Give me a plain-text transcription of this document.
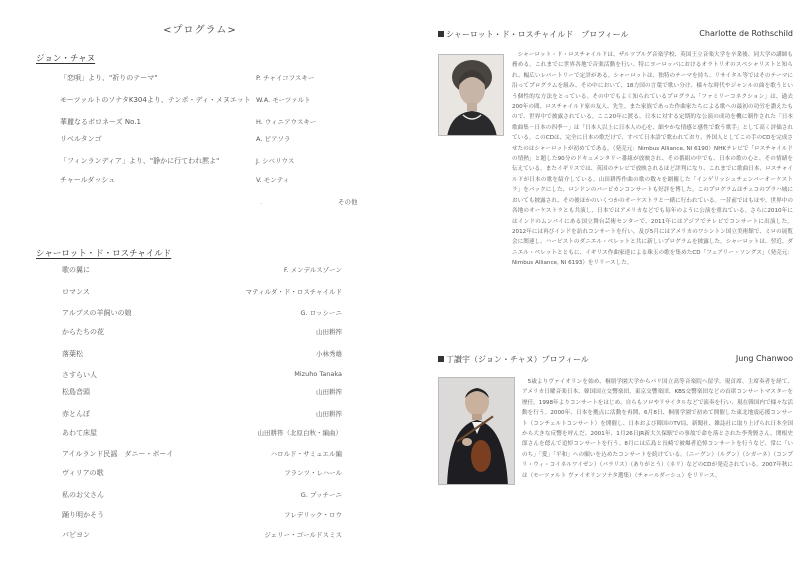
<プログラム>
ジョン・チャヌ
「恋唄」より、"祈りのテーマ"	P. チャイコフスキー
モーツァルトのソナタK304より、テンポ・ディ・メヌエット W.A. モーツァルト
華麗なるポロネーズ No.1	H. ウィニアウスキー
リベルタンゴ	A. ピアソラ
「フィンランディア」より、"静かに行てわれ黙よ"	J. シベリウス
チャールダッシュ	V. モンティ
·	その他
シャーロット・ド・ロスチャイルド
歌の翼に	F. メンデルスゾーン
ロマンス	マティルダ・ド・ロスチャイルド
アルプスの羊飼いの娘	G. ロッシーニ
からたちの花	山田耕筰
落葉松	小林秀雄
さすらい人	Mizuho Tanaka
松島音頭	山田耕筰
赤とんぼ	山田耕筰
あわて床屋	山田耕筰（北原白秋・編曲）
アイルランド民謡　ダニー・ボーイ	ハロルド・サミュエル編
ヴィリアの歌	フランツ・レハール
私のお父さん	G. プッチーニ
踊り明かそう	フレデリック・ロウ
パピヨン	ジェリー・ゴールドスミス
シャーロット・ド・ロスチャイルド　プロフィール	Charlotte de Rothschild

シャーロット・ド・ロスチャイルドは、ザルツブルグ音楽学校、英国王立音楽大学を卒業後、同大学の講師も務める。これまでに世界各地で音楽活動を行い、特にヨーロッパにおけるオラトリオのスペシャリストと知られ、幅広いレパートリーで定評がある。シャーロットは、独特のテーマを持ち、リサイタル等ではそのテーマに沿ってプログラムを組み、その中において、18力国の言葉で歌い分け、様々な時代やジャンルの曲を歌うという個性的な方法をとっている。その中でもよく知られているプログラム「ファミリーコネクション」は、過去200年の間、ロスチャイルド家の友人、先生、また家族であった作曲家たちによる歌への最初の功労を讃えたもので、世界中で披露されている。ここ20年に渡る、日本に対する定期的な公演の成功を機に制作された「日本歌曲集－日本の四季－」は「日本人以上に日本人の心を、細やかな情感と感性で歌う歌手」として高く評価されている。このCDは、完全に日本の歌だけで、すべて日本語で歌われており、外国人としてこの手のCDを完成させたのはシャーロットが初めてである。（発売元：Nimbus Alliance, NI 6190）NHKテレビで「ロスチャイルドの情熱」と題した90分のドキュメンタリー番組が放映され、その番組の中でも、日本の歌の心と、その情緒を伝えている。またイギリスでは、英国のテレビで放映されるほど評判になり、これまでに歌曲日本、ロスチャイルドが日本の歌を紹介している。山田耕筰作曲の歌の数々を網羅した「インゲリッシュチェンバーオーケストラ」をバックにした、ロンドンのバービカンコンサートも好評を博した。このプログラムはチェコのプラハ城においても披露され、その後ほかのいくつかのオーケストラと一緒に行われている。一昔前ではもはや、世界中の各地のオーケストラとも共演し、日本ではアメリカなどでも毎年のように公演を重ねている。さらに2010年にはインドのムンバイにある国立舞台芸術センターで、2011年にはアジアでテレビでコンサートに出演した。2012年には再びインドを訪れコンサートを行い、及び5月にはアメリカのワシントン国立美術館で、ミロの展覧会に関連し、ハーピストのダニエル・ペレットと共に新しいプログラムを披露した。シャーロットは、翌近、ダニエル・ペレットとともに、イギリス作曲家達による珠玉の歌を集めたCD「フェアリー・ソングス」（発売元：Nimbus Alliance, NI 6193）をリリースした。

丁讃宇（ジョン・チャヌ）プロフィール	Jung Chanwoo

5歳よりヴァイオリンを始め、桐朋学園大学からパリ国立高等音楽院へ留学。現首席、主席奏者を経て、アメリカ日曜音楽日本、韓国国立交響楽団、東京交響楽団、KBS交響楽団などの首席コンサートマスターを歴任。1998年よりコンサートをはじめ、自らもソロやリサイタルなどで演奏を行い、現在韓国内で様々な活動を行う。2000年、日本を拠点に活動を再開、6月8日、桐朋学園で初めて開催した東北地震応援コンサート（コンチェルトコンサート）を開催し、日本および韓国のTV局、新聞社、雑誌社に取り上げられ日本全国から大きな反響を呼んだ。2001年、1月26日JR新大久保駅での事故で命を落とされた李秀賢さん、関根史郎さんを偲んで追悼コンサートを行う。8月には広島と長崎で被爆者追悼コンサートを行うなど、常に「いのち」「愛」「平和」への願いを込めたコンサートを続けている。（ニーグン）（ルグン）（シガーネ）（コンプリ・ウィ・コイネルワイゼン）（バラリス）（ありがとう）（ネリ）などのCDが発売されている。2007年秋には（モーツァルト ヴァイオリンソナタ選集）（チャールダーシュ）をリリース。
